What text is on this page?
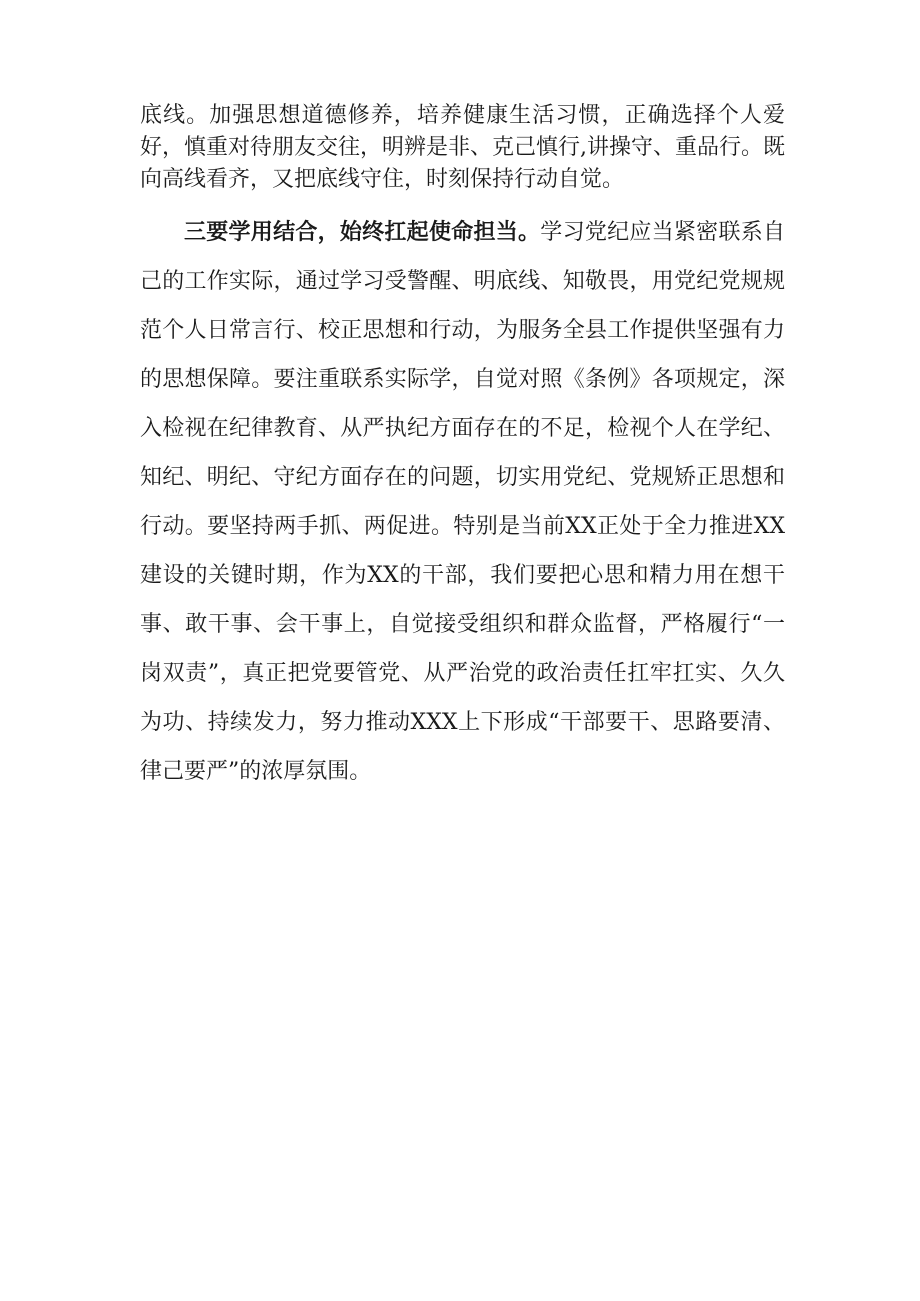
底线。加强思想道德修养，培养健康生活习惯，正确选择个人爱好，慎重对待朋友交往，明辨是非、克己慎行,讲操守、重品行。既向高线看齐，又把底线守住，时刻保持行动自觉。

三要学用结合，始终扛起使命担当。学习党纪应当紧密联系自己的工作实际，通过学习受警醒、明底线、知敬畏，用党纪党规规范个人日常言行、校正思想和行动，为服务全县工作提供坚强有力的思想保障。要注重联系实际学，自觉对照《条例》各项规定，深入检视在纪律教育、从严执纪方面存在的不足，检视个人在学纪、知纪、明纪、守纪方面存在的问题，切实用党纪、党规矫正思想和行动。要坚持两手抓、两促进。特别是当前XX正处于全力推进XX建设的关键时期，作为XX的干部，我们要把心思和精力用在想干事、敢干事、会干事上，自觉接受组织和群众监督，严格履行“一岗双责”，真正把党要管党、从严治党的政治责任扛牢扛实、久久为功、持续发力，努力推动XXX上下形成“干部要干、思路要清、律己要严”的浓厚氛围。
